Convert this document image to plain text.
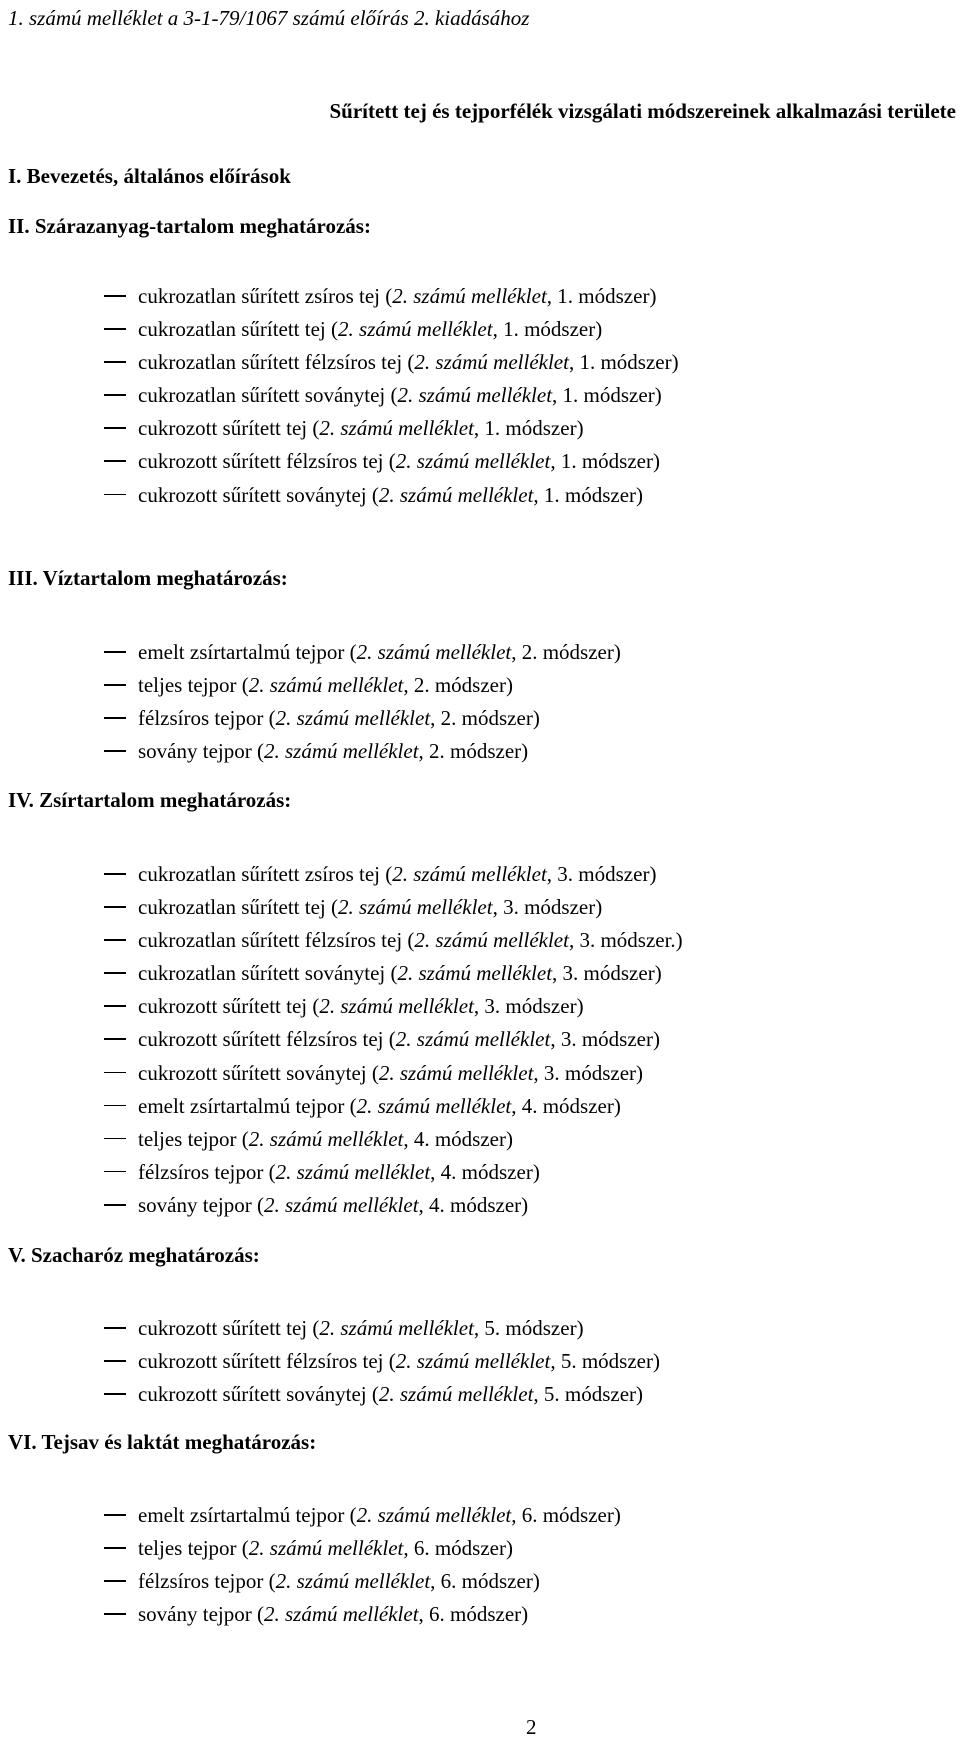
1. számú melléklet a 3-1-79/1067 számú előírás 2. kiadásához
Sűrített tej és tejporfélék vizsgálati módszereinek alkalmazási területe
I. Bevezetés, általános előírások
II. Szárazanyag-tartalom meghatározás:
cukrozatlan sűrített zsíros tej (2. számú melléklet, 1. módszer)
cukrozatlan sűrített tej (2. számú melléklet, 1. módszer)
cukrozatlan sűrített félzsíros tej (2. számú melléklet, 1. módszer)
cukrozatlan sűrített soványtej (2. számú melléklet, 1. módszer)
cukrozott sűrített tej (2. számú melléklet, 1. módszer)
cukrozott sűrített félzsíros tej (2. számú melléklet, 1. módszer)
cukrozott sűrített soványtej (2. számú melléklet, 1. módszer)
III. Víztartalom meghatározás:
emelt zsírtartalmú tejpor (2. számú melléklet, 2. módszer)
teljes tejpor (2. számú melléklet, 2. módszer)
félzsíros tejpor (2. számú melléklet, 2. módszer)
sovány tejpor (2. számú melléklet, 2. módszer)
IV. Zsírtartalom meghatározás:
cukrozatlan sűrített zsíros tej (2. számú melléklet, 3. módszer)
cukrozatlan sűrített tej (2. számú melléklet, 3. módszer)
cukrozatlan sűrített félzsíros tej (2. számú melléklet, 3. módszer.)
cukrozatlan sűrített soványtej (2. számú melléklet, 3. módszer)
cukrozott sűrített tej (2. számú melléklet, 3. módszer)
cukrozott sűrített félzsíros tej (2. számú melléklet, 3. módszer)
cukrozott sűrített soványtej (2. számú melléklet, 3. módszer)
emelt zsírtartalmú tejpor (2. számú melléklet, 4. módszer)
teljes tejpor (2. számú melléklet, 4. módszer)
félzsíros tejpor (2. számú melléklet, 4. módszer)
sovány tejpor (2. számú melléklet, 4. módszer)
V. Szacharóz meghatározás:
cukrozott sűrített tej (2. számú melléklet, 5. módszer)
cukrozott sűrített félzsíros tej (2. számú melléklet, 5. módszer)
cukrozott sűrített soványtej (2. számú melléklet, 5. módszer)
VI. Tejsav és laktát meghatározás:
emelt zsírtartalmú tejpor (2. számú melléklet, 6. módszer)
teljes tejpor (2. számú melléklet, 6. módszer)
félzsíros tejpor (2. számú melléklet, 6. módszer)
sovány tejpor (2. számú melléklet, 6. módszer)
2
